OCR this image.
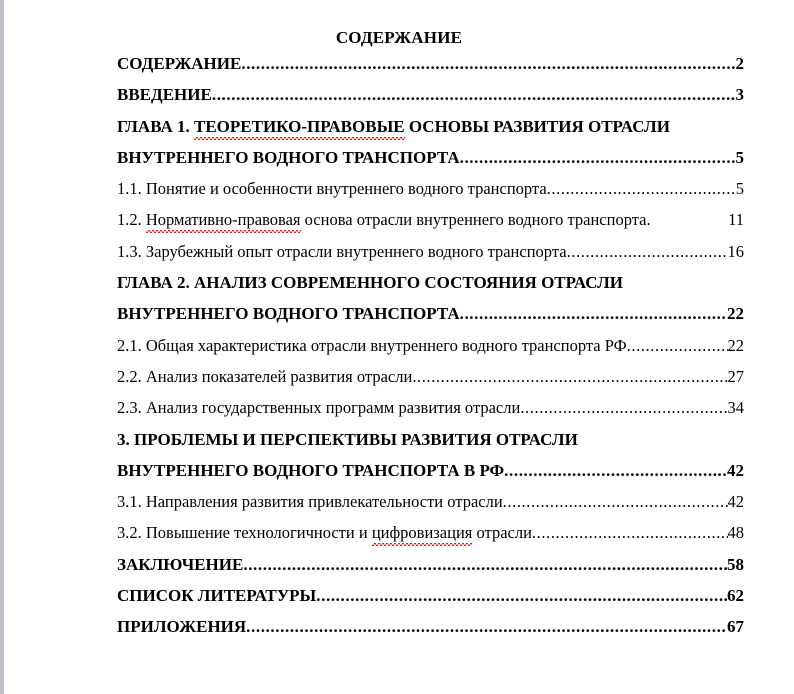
СОДЕРЖАНИЕ
СОДЕРЖАНИЕ .....	2
ВВЕДЕНИЕ .....	3
ГЛАВА 1. ТЕОРЕТИКО-ПРАВОВЫЕ ОСНОВЫ РАЗВИТИЯ ОТРАСЛИ
ВНУТРЕННЕГО ВОДНОГО ТРАНСПОРТА .....	5
1.1. Понятие и особенности внутреннего водного транспорта .....	5
1.2. Нормативно-правовая основа отрасли внутреннего водного транспорта.	11
1.3. Зарубежный опыт отрасли внутреннего водного транспорта .....	16
ГЛАВА 2. АНАЛИЗ СОВРЕМЕННОГО СОСТОЯНИЯ ОТРАСЛИ
ВНУТРЕННЕГО ВОДНОГО ТРАНСПОРТА .....	22
2.1. Общая характеристика отрасли внутреннего водного транспорта РФ .....	22
2.2. Анализ показателей развития отрасли .....	27
2.3. Анализ государственных программ развития отрасли .....	34
3. ПРОБЛЕМЫ И ПЕРСПЕКТИВЫ РАЗВИТИЯ ОТРАСЛИ
ВНУТРЕННЕГО ВОДНОГО ТРАНСПОРТА В РФ .....	42
3.1. Направления развития привлекательности отрасли .....	42
3.2. Повышение технологичности и цифровизация отрасли .....	48
ЗАКЛЮЧЕНИЕ .....	58
СПИСОК ЛИТЕРАТУРЫ .....	62
ПРИЛОЖЕНИЯ .....	67
